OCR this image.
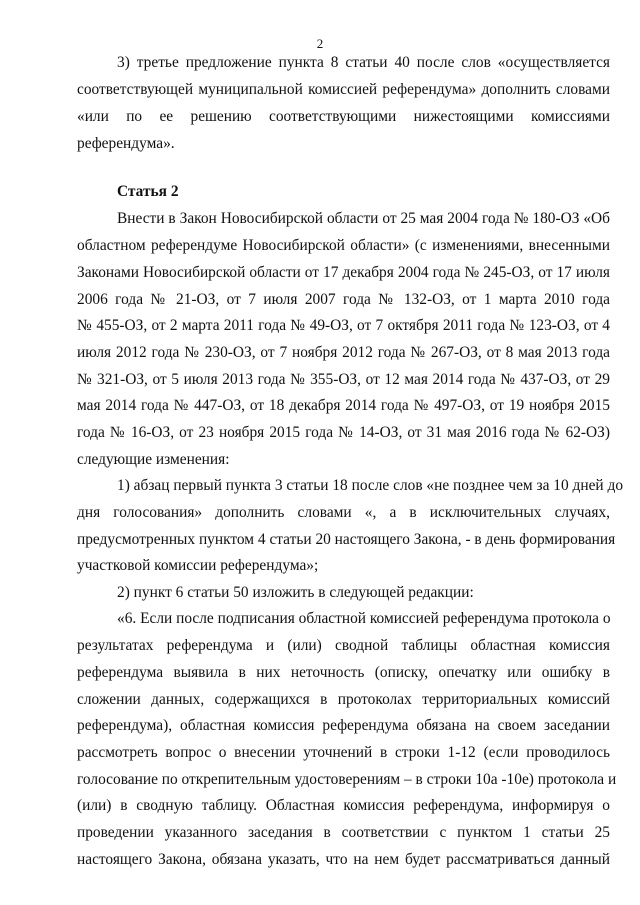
2
3) третье предложение пункта 8 статьи 40 после слов «осуществляется
соответствующей муниципальной комиссией референдума» дополнить словами
«или по ее решению соответствующими нижестоящими комиссиями
референдума».
Статья 2
Внести в Закон Новосибирской области от 25 мая 2004 года № 180-ОЗ «Об
областном референдуме Новосибирской области» (с изменениями, внесенными
Законами Новосибирской области от 17 декабря 2004 года № 245-ОЗ, от 17 июля
2006 года № 21-ОЗ, от 7 июля 2007 года № 132-ОЗ, от 1 марта 2010 года
№ 455-ОЗ, от 2 марта 2011 года № 49-ОЗ, от 7 октября 2011 года № 123-ОЗ, от 4
июля 2012 года № 230-ОЗ, от 7 ноября 2012 года № 267-ОЗ, от 8 мая 2013 года
№ 321-ОЗ, от 5 июля 2013 года № 355-ОЗ, от 12 мая 2014 года № 437-ОЗ, от 29
мая 2014 года № 447-ОЗ, от 18 декабря 2014 года № 497-ОЗ, от 19 ноября 2015
года № 16-ОЗ, от 23 ноября 2015 года № 14-ОЗ, от 31 мая 2016 года № 62-ОЗ)
следующие изменения:
1) абзац первый пункта 3 статьи 18 после слов «не позднее чем за 10 дней до
дня голосования» дополнить словами «, а в исключительных случаях,
предусмотренных пунктом 4 статьи 20 настоящего Закона, - в день формирования
участковой комиссии референдума»;
2) пункт 6 статьи 50 изложить в следующей редакции:
«6. Если после подписания областной комиссией референдума протокола о
результатах референдума и (или) сводной таблицы областная комиссия
референдума выявила в них неточность (описку, опечатку или ошибку в
сложении данных, содержащихся в протоколах территориальных комиссий
референдума), областная комиссия референдума обязана на своем заседании
рассмотреть вопрос о внесении уточнений в строки 1-12 (если проводилось
голосование по открепительным удостоверениям – в строки 10а -10е) протокола и
(или) в сводную таблицу. Областная комиссия референдума, информируя о
проведении указанного заседания в соответствии с пунктом 1 статьи 25
настоящего Закона, обязана указать, что на нем будет рассматриваться данный
